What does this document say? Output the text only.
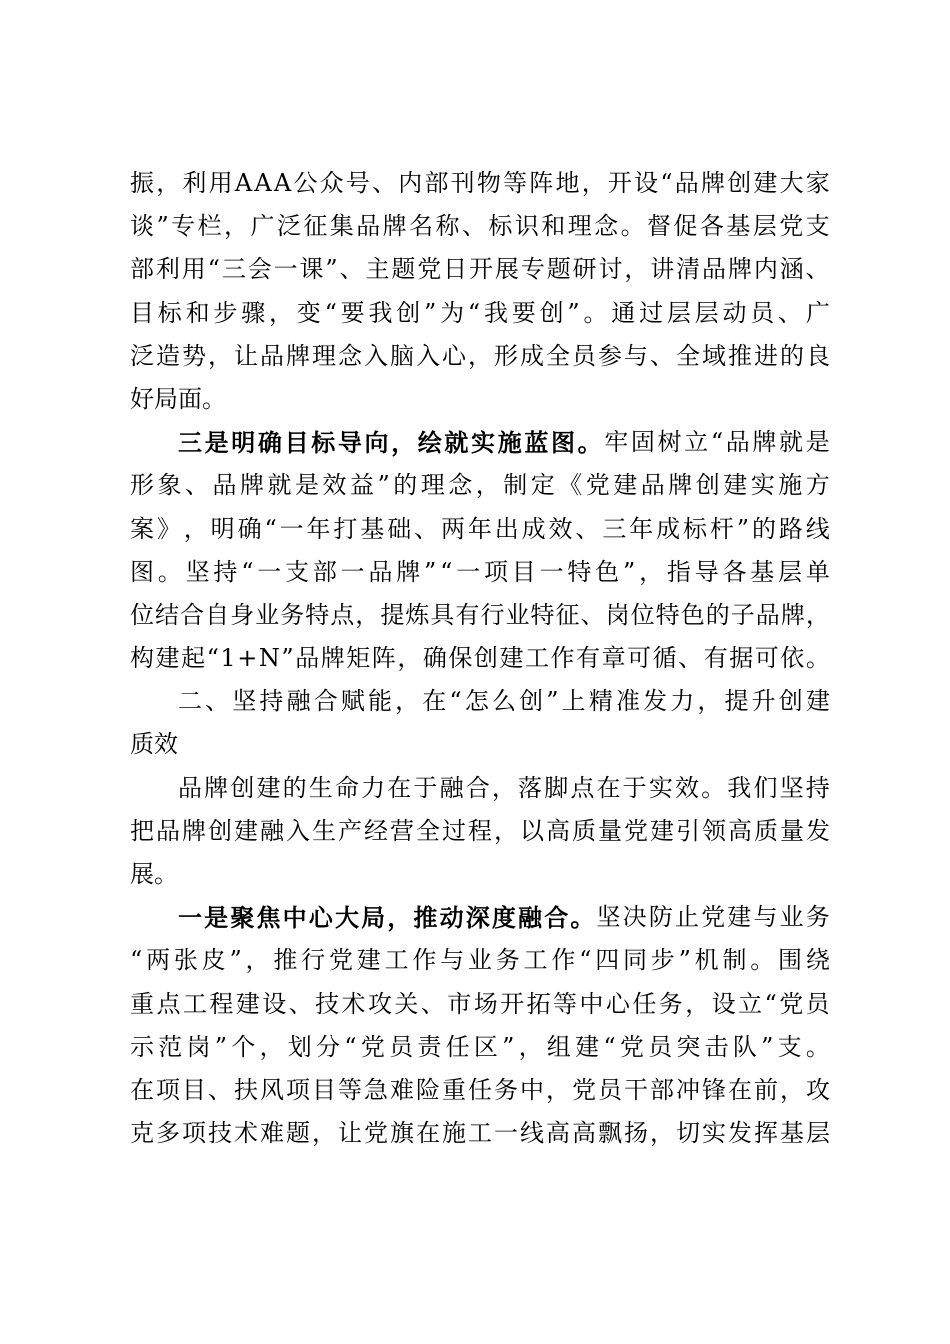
振 ， 利 用 A A A 公 众 号 、 内 部 刊 物 等 阵 地 ， 开 设 “ 品 牌 创 建 大 家
谈 ” 专 栏 ， 广 泛 征 集 品 牌 名 称 、 标 识 和 理 念 。 督 促 各 基 层 党 支
部 利 用 “ 三 会 一 课 ” 、 主 题 党 日 开 展 专 题 研 讨 ， 讲 清 品 牌 内 涵 、
目 标 和 步 骤 ， 变 “ 要 我 创 ” 为 “ 我 要 创 ” 。 通 过 层 层 动 员 、 广
泛 造 势 ， 让 品 牌 理 念 入 脑 入 心 ， 形 成 全 员 参 与 、 全 域 推 进 的 良
好局面。
三 是 明 确 目 标 导 向 ， 绘 就 实 施 蓝 图 。 牢 固 树 立 “ 品 牌 就 是
形 象 、 品 牌 就 是 效 益 ” 的 理 念 ， 制 定 《 党 建 品 牌 创 建 实 施 方
案 》 ， 明 确 “ 一 年 打 基 础 、 两 年 出 成 效 、 三 年 成 标 杆 ” 的 路 线
图 。 坚 持 “ 一 支 部 一 品 牌 ” “ 一 项 目 一 特 色 ” ， 指 导 各 基 层 单
位 结 合 自 身 业 务 特 点 ， 提 炼 具 有 行 业 特 征 、 岗 位 特 色 的 子 品 牌 ，
构 建 起 “ 1 + N ” 品 牌 矩 阵 ， 确 保 创 建 工 作 有 章 可 循 、 有 据 可 依 。
二 、 坚 持 融 合 赋 能 ， 在 “ 怎 么 创 ” 上 精 准 发 力 ， 提 升 创 建
质效
品 牌 创 建 的 生 命 力 在 于 融 合 ， 落 脚 点 在 于 实 效 。 我 们 坚 持
把 品 牌 创 建 融 入 生 产 经 营 全 过 程 ， 以 高 质 量 党 建 引 领 高 质 量 发
展。
一 是 聚 焦 中 心 大 局 ， 推 动 深 度 融 合 。 坚 决 防 止 党 建 与 业 务
“ 两 张 皮 ” ， 推 行 党 建 工 作 与 业 务 工 作 “ 四 同 步 ” 机 制 。 围 绕
重 点 工 程 建 设 、 技 术 攻 关 、 市 场 开 拓 等 中 心 任 务 ， 设 立 “ 党 员
示 范 岗 ” 个 ， 划 分 “ 党 员 责 任 区 ” ， 组 建 “ 党 员 突 击 队 ” 支 。
在 项 目 、 扶 风 项 目 等 急 难 险 重 任 务 中 ， 党 员 干 部 冲 锋 在 前 ， 攻
克 多 项 技 术 难 题 ， 让 党 旗 在 施 工 一 线 高 高 飘 扬 ， 切 实 发 挥 基 层
